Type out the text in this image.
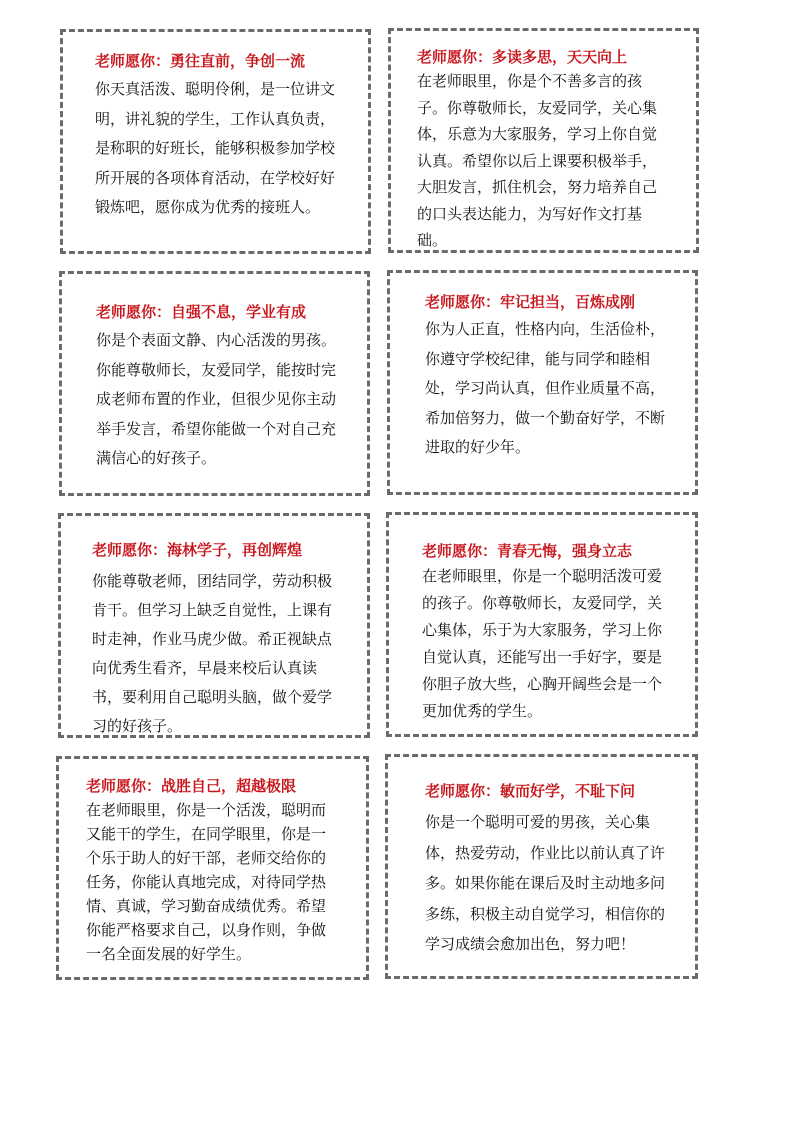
老师愿你：勇往直前，争创一流
你天真活泼、聪明伶俐，是一位讲文
明，讲礼貌的学生，工作认真负责，
是称职的好班长，能够积极参加学校
所开展的各项体育活动，在学校好好
锻炼吧，愿你成为优秀的接班人。
老师愿你：多读多思，天天向上
在老师眼里，你是个不善多言的孩
子。你尊敬师长，友爱同学，关心集
体，乐意为大家服务，学习上你自觉
认真。希望你以后上课要积极举手，
大胆发言，抓住机会，努力培养自己
的口头表达能力，为写好作文打基
础。
老师愿你：自强不息，学业有成
你是个表面文静、内心活泼的男孩。
你能尊敬师长，友爱同学，能按时完
成老师布置的作业，但很少见你主动
举手发言，希望你能做一个对自己充
满信心的好孩子。
老师愿你：牢记担当，百炼成刚
你为人正直，性格内向，生活俭朴，
你遵守学校纪律，能与同学和睦相
处，学习尚认真，但作业质量不高，
希加倍努力，做一个勤奋好学，不断
进取的好少年。
老师愿你：海林学子，再创辉煌
你能尊敬老师，团结同学，劳动积极
肯干。但学习上缺乏自觉性，上课有
时走神，作业马虎少做。希正视缺点
向优秀生看齐，早晨来校后认真读
书，要利用自己聪明头脑，做个爱学
习的好孩子。
老师愿你：青春无悔，强身立志
在老师眼里，你是一个聪明活泼可爱
的孩子。你尊敬师长，友爱同学，关
心集体，乐于为大家服务，学习上你
自觉认真，还能写出一手好字，要是
你胆子放大些，心胸开阔些会是一个
更加优秀的学生。
老师愿你：战胜自己，超越极限
在老师眼里，你是一个活泼，聪明而
又能干的学生，在同学眼里，你是一
个乐于助人的好干部，老师交给你的
任务，你能认真地完成，对待同学热
情、真诚，学习勤奋成绩优秀。希望
你能严格要求自己，以身作则，争做
一名全面发展的好学生。
老师愿你：敏而好学，不耻下问
你是一个聪明可爱的男孩，关心集
体，热爱劳动，作业比以前认真了许
多。如果你能在课后及时主动地多问
多练，积极主动自觉学习，相信你的
学习成绩会愈加出色，努力吧！
